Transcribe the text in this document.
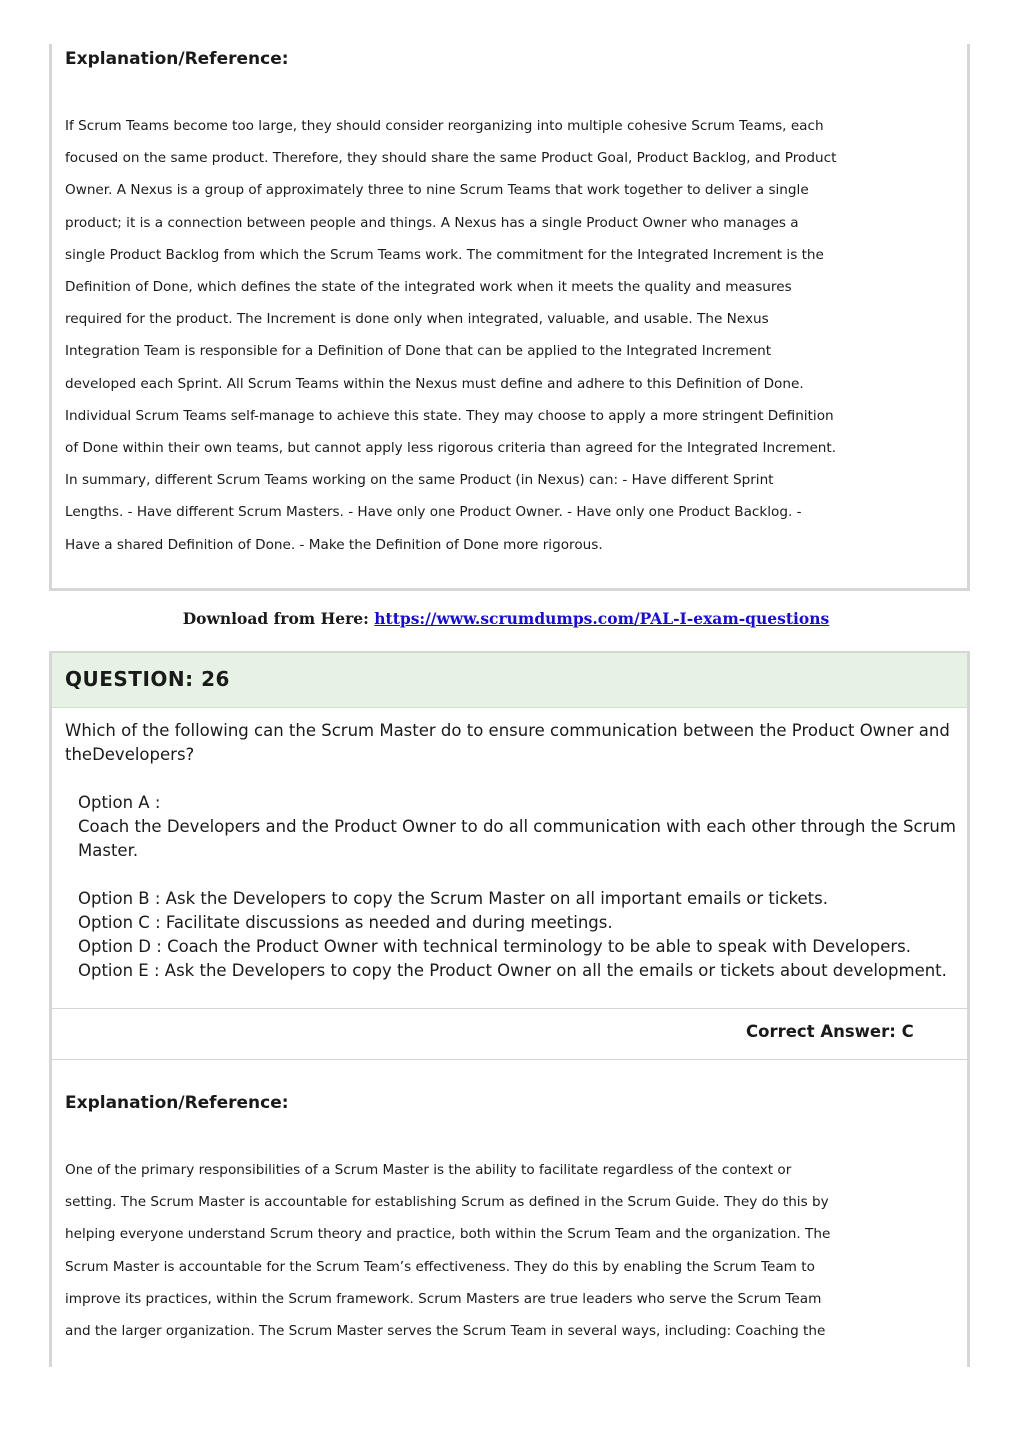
Explanation/Reference:

If Scrum Teams become too large, they should consider reorganizing into multiple cohesive Scrum Teams, each
focused on the same product. Therefore, they should share the same Product Goal, Product Backlog, and Product
Owner. A Nexus is a group of approximately three to nine Scrum Teams that work together to deliver a single
product; it is a connection between people and things. A Nexus has a single Product Owner who manages a
single Product Backlog from which the Scrum Teams work. The commitment for the Integrated Increment is the
Definition of Done, which defines the state of the integrated work when it meets the quality and measures
required for the product. The Increment is done only when integrated, valuable, and usable. The Nexus
Integration Team is responsible for a Definition of Done that can be applied to the Integrated Increment
developed each Sprint. All Scrum Teams within the Nexus must define and adhere to this Definition of Done.
Individual Scrum Teams self-manage to achieve this state. They may choose to apply a more stringent Definition
of Done within their own teams, but cannot apply less rigorous criteria than agreed for the Integrated Increment.
In summary, different Scrum Teams working on the same Product (in Nexus) can: - Have different Sprint
Lengths. - Have different Scrum Masters. - Have only one Product Owner. - Have only one Product Backlog. -
Have a shared Definition of Done. - Make the Definition of Done more rigorous.

Download from Here: https://www.scrumdumps.com/PAL-I-exam-questions
QUESTION: 26

Which of the following can the Scrum Master do to ensure communication between the Product Owner and theDevelopers?

Option A :
Coach the Developers and the Product Owner to do all communication with each other through the Scrum Master.
Option B : Ask the Developers to copy the Scrum Master on all important emails or tickets.
Option C : Facilitate discussions as needed and during meetings.
Option D : Coach the Product Owner with technical terminology to be able to speak with Developers.
Option E : Ask the Developers to copy the Product Owner on all the emails or tickets about development.
Correct Answer: C
Explanation/Reference:

One of the primary responsibilities of a Scrum Master is the ability to facilitate regardless of the context or
setting. The Scrum Master is accountable for establishing Scrum as defined in the Scrum Guide. They do this by
helping everyone understand Scrum theory and practice, both within the Scrum Team and the organization. The
Scrum Master is accountable for the Scrum Team’s effectiveness. They do this by enabling the Scrum Team to
improve its practices, within the Scrum framework. Scrum Masters are true leaders who serve the Scrum Team
and the larger organization. The Scrum Master serves the Scrum Team in several ways, including: Coaching the
